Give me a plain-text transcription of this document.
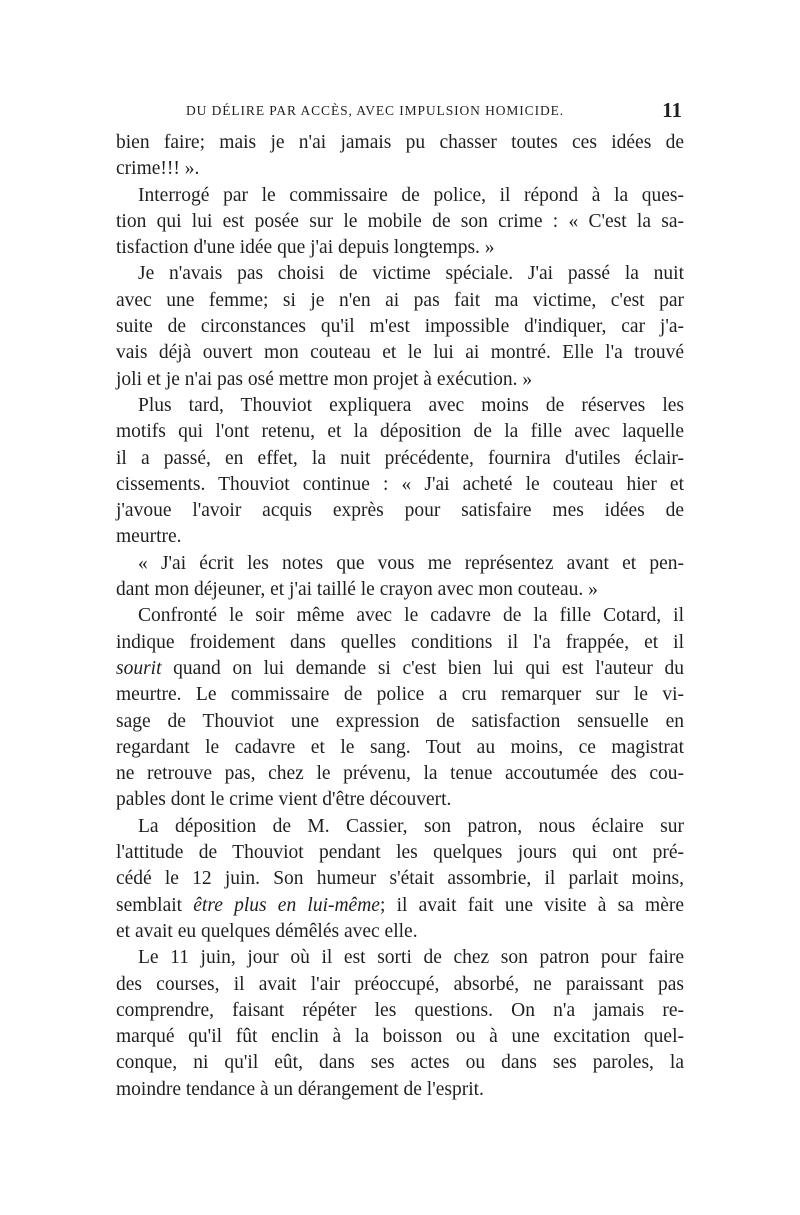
DU DÉLIRE PAR ACCÈS, AVEC IMPULSION HOMICIDE.	11
bien faire; mais je n'ai jamais pu chasser toutes ces idées de
crime!!! ».
Interrogé par le commissaire de police, il répond à la ques-
tion qui lui est posée sur le mobile de son crime : « C'est la sa-
tisfaction d'une idée que j'ai depuis longtemps. »
Je n'avais pas choisi de victime spéciale. J'ai passé la nuit
avec une femme; si je n'en ai pas fait ma victime, c'est par
suite de circonstances qu'il m'est impossible d'indiquer, car j'a-
vais déjà ouvert mon couteau et le lui ai montré. Elle l'a trouvé
joli et je n'ai pas osé mettre mon projet à exécution. »
Plus tard, Thouviot expliquera avec moins de réserves les
motifs qui l'ont retenu, et la déposition de la fille avec laquelle
il a passé, en effet, la nuit précédente, fournira d'utiles éclair-
cissements. Thouviot continue : « J'ai acheté le couteau hier et
j'avoue l'avoir acquis exprès pour satisfaire mes idées de
meurtre.
« J'ai écrit les notes que vous me représentez avant et pen-
dant mon déjeuner, et j'ai taillé le crayon avec mon couteau. »
Confronté le soir même avec le cadavre de la fille Cotard, il
indique froidement dans quelles conditions il l'a frappée, et il
sourit quand on lui demande si c'est bien lui qui est l'auteur du
meurtre. Le commissaire de police a cru remarquer sur le vi-
sage de Thouviot une expression de satisfaction sensuelle en
regardant le cadavre et le sang. Tout au moins, ce magistrat
ne retrouve pas, chez le prévenu, la tenue accoutumée des cou-
pables dont le crime vient d'être découvert.
La déposition de M. Cassier, son patron, nous éclaire sur
l'attitude de Thouviot pendant les quelques jours qui ont pré-
cédé le 12 juin. Son humeur s'était assombrie, il parlait moins,
semblait être plus en lui-même; il avait fait une visite à sa mère
et avait eu quelques démêlés avec elle.
Le 11 juin, jour où il est sorti de chez son patron pour faire
des courses, il avait l'air préoccupé, absorbé, ne paraissant pas
comprendre, faisant répéter les questions. On n'a jamais re-
marqué qu'il fût enclin à la boisson ou à une excitation quel-
conque, ni qu'il eût, dans ses actes ou dans ses paroles, la
moindre tendance à un dérangement de l'esprit.
